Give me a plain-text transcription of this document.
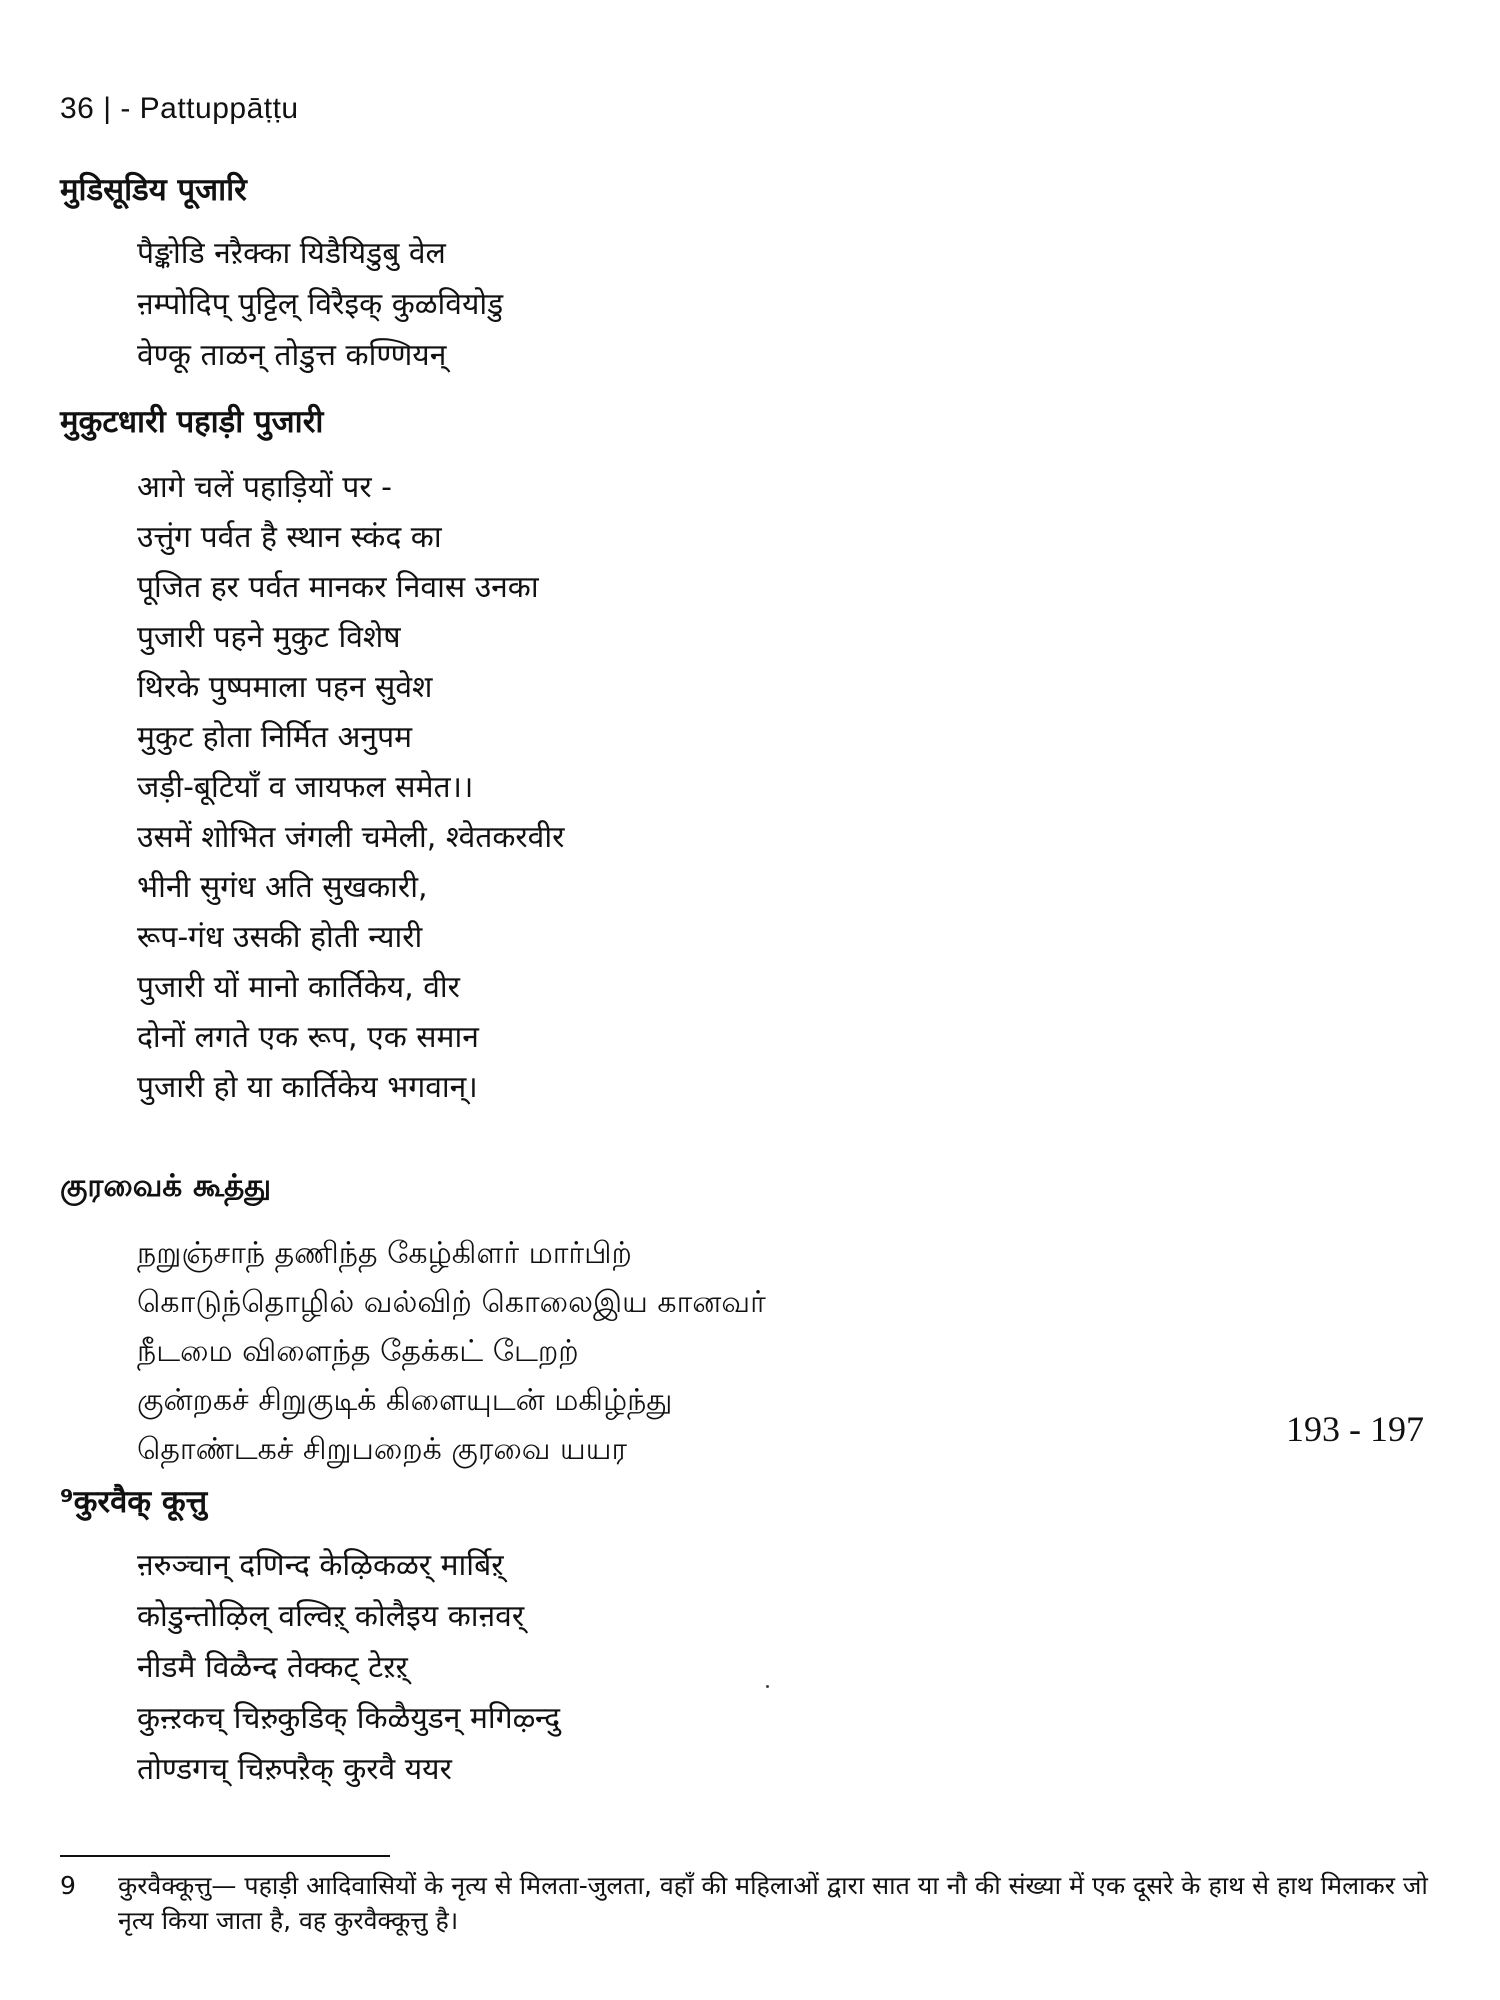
36 | - Pattuppāṭṭu
मुडिसूडिय पूजारि
पैङ्कोडि नऱैक्का यिडैयिडुबु वेल
ऩम्पोदिप् पुट्टिल् विरैइक् कुळवियोडु
वेण्कू ताळन् तोडुत्त कण्णियन्
मुकुटधारी पहाड़ी पुजारी
आगे चलें पहाड़ियों पर -
उत्तुंग पर्वत है स्थान स्कंद का
पूजित हर पर्वत मानकर निवास उनका
पुजारी पहने मुकुट विशेष
थिरके पुष्पमाला पहन सुवेश
मुकुट होता निर्मित अनुपम
जड़ी-बूटियाँ व जायफल समेत।।
उसमें शोभित जंगली चमेली, श्वेतकरवीर
भीनी सुगंध अति सुखकारी,
रूप-गंध उसकी होती न्यारी
पुजारी यों मानो कार्तिकेय, वीर
दोनों लगते एक रूप, एक समान
पुजारी हो या कार्तिकेय भगवान्।
குரவைக் கூத்து
நறுஞ்சாந் தணிந்த கேழ்கிளர் மார்பிற்
கொடுந்தொழில் வல்விற் கொலைஇய கானவர்
நீடமை விளைந்த தேக்கட் டேறற்
குன்றகச் சிறுகுடிக் கிளையுடன் மகிழ்ந்து
தொண்டகச் சிறுபறைக் குரவை யயர
193 - 197
⁹कुरवैक् कूत्तु
ऩरुञ्चान् दणिन्द केऴिकळर् मार्बिऱ्
कोडुन्तोऴिल् वल्विऱ् कोलैइय काऩवर्
नीडमै विळैन्द तेक्कट् टेऱऱ्
कुऩ्ऱकच् चिऱुकुडिक् किळैयुडन् मगिऴ्न्दु
तोण्डगच् चिऱुपऱैक् कुरवै ययर
9 कुरवैक्कूत्तु— पहाड़ी आदिवासियों के नृत्य से मिलता-जुलता, वहाँ की महिलाओं द्वारा सात या नौ की संख्या में एक दूसरे के हाथ से हाथ मिलाकर जो नृत्य किया जाता है, वह कुरवैक्कूत्तु है।
